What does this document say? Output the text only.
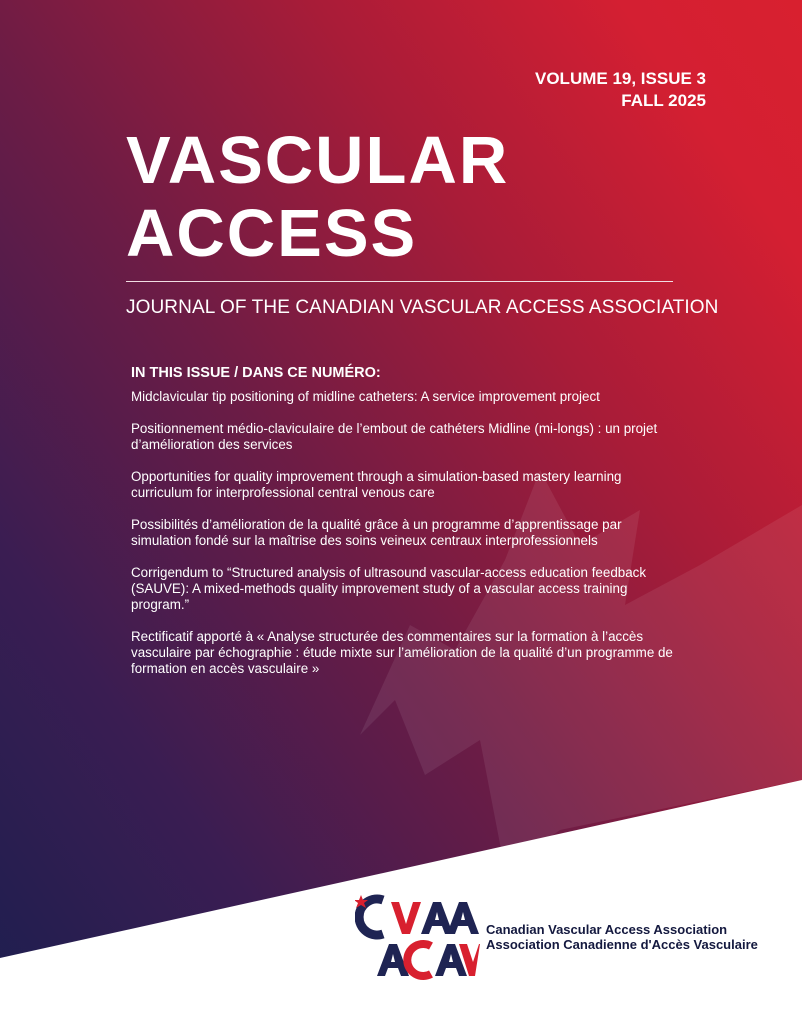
VOLUME 19, ISSUE 3
FALL 2025
VASCULAR
ACCESS
JOURNAL OF THE CANADIAN VASCULAR ACCESS ASSOCIATION
IN THIS ISSUE / DANS CE NUMÉRO:
Midclavicular tip positioning of midline catheters: A service improvement project
Positionnement médio-claviculaire de l’embout de cathéters Midline (mi-longs) : un projet d’amélioration des services
Opportunities for quality improvement through a simulation-based mastery learning curriculum for interprofessional central venous care
Possibilités d’amélioration de la qualité grâce à un programme d’apprentissage par simulation fondé sur la maîtrise des soins veineux centraux interprofessionnels
Corrigendum to “Structured analysis of ultrasound vascular-access education feedback (SAUVE): A mixed-methods quality improvement study of a vascular access training program.”
Rectificatif apporté à « Analyse structurée des commentaires sur la formation à l’accès vasculaire par échographie : étude mixte sur l’amélioration de la qualité d’un programme de formation en accès vasculaire »
Canadian Vascular Access Association
Association Canadienne d'Accès Vasculaire
